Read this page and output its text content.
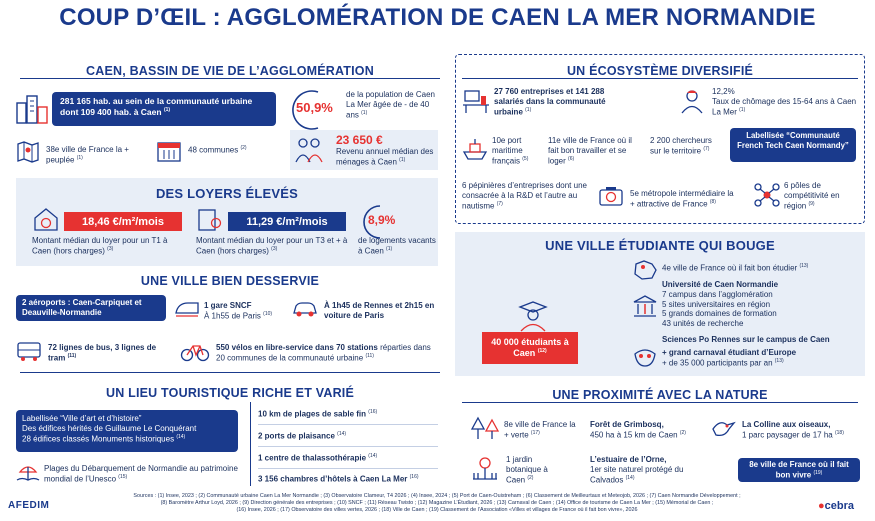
COUP D’ŒIL : AGGLOMÉRATION DE CAEN LA MER NORMANDIE
CAEN, BASSIN DE VIE DE L’AGGLOMÉRATION
281 165 hab. au sein de la communauté urbaine dont 109 400 hab. à Caen $^{(1)}$	50,9%
de la population de Caen La Mer âgée de - de 40 ans $^{(1)}$
38e ville de France la + peuplée $^{(1)}$
48 communes $^{(2)}$
23 650 €
Revenu annuel médian des ménages à Caen $^{(1)}$
DES LOYERS ÉLEVÉS
18,46 €/m²/mois
Montant médian du loyer pour un T1 à Caen (hors charges) $^{(3)}$
11,29 €/m²/mois
Montant médian du loyer pour un T3 et + à Caen (hors charges) $^{(3)}$
8,9%
de logements vacants à Caen $^{(1)}$
UNE VILLE BIEN DESSERVIE
2 aéroports : Caen-Carpiquet et Deauville-Normandie
1 gare SNCF
À 1h55 de Paris $^{(10)}$
À 1h45 de Rennes et 2h15 en voiture de Paris
72 lignes de bus, 3 lignes de tram $^{(11)}$
550 vélos en libre-service dans 70 stations réparties dans 20 communes de la communauté urbaine $^{(11)}$
UN LIEU TOURISTIQUE RICHE ET VARIÉ
Labellisée “Ville d’art et d’histoire”
Des édifices hérités de Guillaume Le Conquérant
28 édifices classés Monuments historiques $^{(14)}$
Plages du Débarquement de Normandie au patrimoine mondial de l’Unesco $^{(15)}$
10 km de plages de sable fin $^{(16)}$
2 ports de plaisance $^{(14)}$
1 centre de thalassothérapie $^{(14)}$
3 156 chambres d’hôtels à Caen La Mer $^{(16)}$
UN ÉCOSYSTÈME DIVERSIFIÉ
27 760 entreprises et 141 288 salariés dans la communauté urbaine $^{(1)}$
12,2%
Taux de chômage des 15-64 ans à Caen La Mer $^{(1)}$
10e port maritime français $^{(5)}$
11e ville de France où il fait bon travailler et se loger $^{(6)}$
2 200 chercheurs sur le territoire $^{(7)}$
Labellisée “Communauté French Tech Caen Normandy”
6 pépinières d’entreprises dont une consacrée à la R&D et l’autre au nautisme $^{(7)}$
5e métropole intermédiaire la + attractive de France $^{(8)}$
6 pôles de compétitivité en région $^{(9)}$
UNE VILLE ÉTUDIANTE QUI BOUGE
40 000 étudiants à Caen $^{(12)}$
4e ville de France où il fait bon étudier $^{(13)}$
Université de Caen Normandie
7 campus dans l’agglomération
5 sites universitaires en région
5 grands domaines de formation
43 unités de recherche
Sciences Po Rennes sur le campus de Caen
+ grand carnaval étudiant d’Europe
+ de 35 000 participants par an $^{(13)}$
UNE PROXIMITÉ AVEC LA NATURE
8e ville de France la + verte $^{(17)}$
Forêt de Grimbosq,
450 ha à 15 km de Caen $^{(2)}$
La Colline aux oiseaux,
1 parc paysager de 17 ha $^{(18)}$
1 jardin botanique à Caen $^{(2)}$
L’estuaire de l’Orne,
1er site naturel protégé du Calvados $^{(14)}$
8e ville de France où il fait bon vivre $^{(19)}$
AFEDIM
Sources : (1) Insee, 2023 ; (2) Communauté urbaine Caen La Mer Normandie ; (3) Observatoire Clameur, T4 2026 ; (4) Insee, 2024 ; (5) Port de Caen-Ouistreham ; (6) Classement de Meilleurtaux et Meteojob, 2026 ; (7) Caen Normandie Développement ;
(8) Baromètre Arthur Loyd, 2026 ; (9) Direction générale des entreprises ; (10) SNCF ; (11) Réseau Twisto ; (12) Magazine L’Étudiant, 2026 ; (13) Carnaval de Caen ; (14) Office de tourisme de Caen La Mer ; (15) Mémorial de Caen ;
(16) Insee, 2026 ; (17) Observatoire des villes vertes, 2026 ; (18) Ville de Caen ; (19) Classement de l’Association «Villes et villages de France où il fait bon vivre», 2026	●cebra
